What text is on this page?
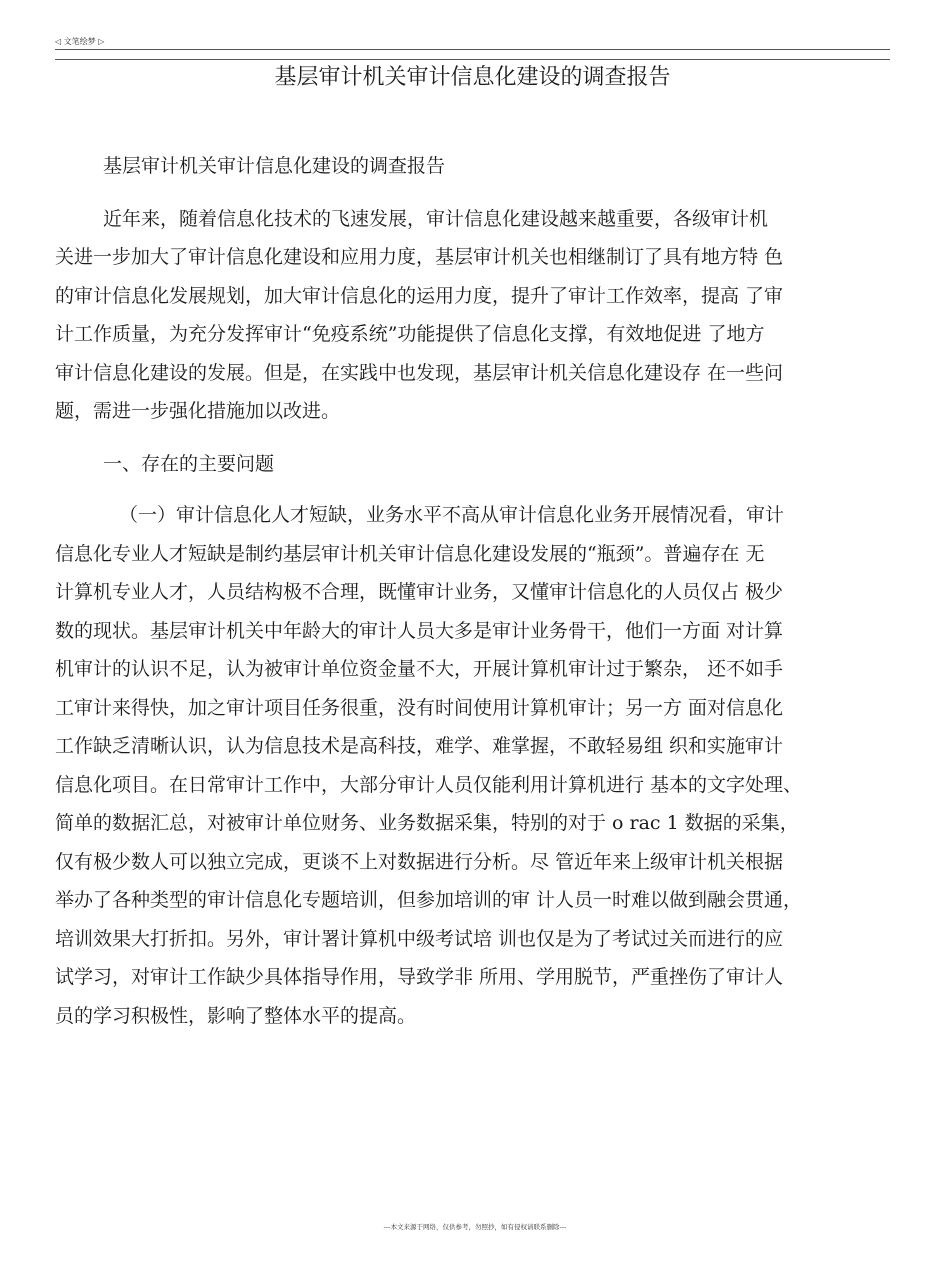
◁ 文笔绘梦 ▷
基层审计机关审计信息化建设的调查报告

基层审计机关审计信息化建设的调查报告

近年来，随着信息化技术的飞速发展，审计信息化建设越来越重要，各级审计机
关进一步加大了审计信息化建设和应用力度，基层审计机关也相继制订了具有地方特 色
的审计信息化发展规划，加大审计信息化的运用力度，提升了审计工作效率，提高 了审
计工作质量，为充分发挥审计“免疫系统”功能提供了信息化支撑，有效地促进 了地方
审计信息化建设的发展。但是，在实践中也发现，基层审计机关信息化建设存 在一些问
题，需进一步强化措施加以改进。

一、存在的主要问题

（一）审计信息化人才短缺，业务水平不高从审计信息化业务开展情况看，审计
信息化专业人才短缺是制约基层审计机关审计信息化建设发展的“瓶颈”。普遍存在 无
计算机专业人才，人员结构极不合理，既懂审计业务，又懂审计信息化的人员仅占 极少
数的现状。基层审计机关中年龄大的审计人员大多是审计业务骨干，他们一方面 对计算
机审计的认识不足，认为被审计单位资金量不大，开展计算机审计过于繁杂， 还不如手
工审计来得快，加之审计项目任务很重，没有时间使用计算机审计；另一方 面对信息化
工作缺乏清晰认识，认为信息技术是高科技，难学、难掌握，不敢轻易组 织和实施审计
信息化项目。在日常审计工作中，大部分审计人员仅能利用计算机进行 基本的文字处理、
简单的数据汇总，对被审计单位财务、业务数据采集，特别的对于 o rac 1 数据的采集，
仅有极少数人可以独立完成，更谈不上对数据进行分析。尽 管近年来上级审计机关根据
举办了各种类型的审计信息化专题培训，但参加培训的审 计人员一时难以做到融会贯通，
培训效果大打折扣。另外，审计署计算机中级考试培 训也仅是为了考试过关而进行的应
试学习，对审计工作缺少具体指导作用，导致学非 所用、学用脱节，严重挫伤了审计人
员的学习积极性，影响了整体水平的提高。

---本文来源于网络，仅供参考，勿照抄，如有侵权请联系删除---
